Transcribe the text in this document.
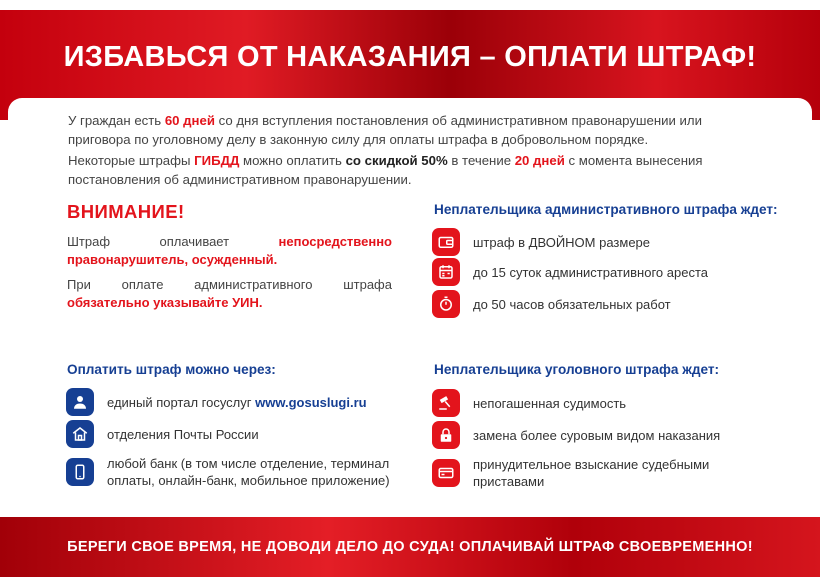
ИЗБАВЬСЯ ОТ НАКАЗАНИЯ – ОПЛАТИ ШТРАФ!

У граждан есть 60 дней со дня вступления постановления об административном правонарушении или приговора по уголовному делу в законную силу для оплаты штрафа в добровольном порядке.

Некоторые штрафы ГИБДД можно оплатить со скидкой 50% в течение 20 дней с момента вынесения постановления об административном правонарушении.

ВНИМАНИЕ!

Штраф оплачивает непосредственно правонарушитель, осужденный.

При оплате административного штрафа обязательно указывайте УИН.

Неплательщика административного штрафа ждет:
штраф в ДВОЙНОМ размере
до 15 суток административного ареста
до 50 часов обязательных работ
Оплатить штраф можно через:
единый портал госуслуг www.gosuslugi.ru
отделения Почты России
любой банк (в том числе отделение, терминал оплаты, онлайн-банк, мобильное приложение)
Неплательщика уголовного штрафа ждет:
непогашенная судимость
замена более суровым видом наказания
принудительное взыскание судебными приставами
БЕРЕГИ СВОЕ ВРЕМЯ, НЕ ДОВОДИ ДЕЛО ДО СУДА! ОПЛАЧИВАЙ ШТРАФ СВОЕВРЕМЕННО!
